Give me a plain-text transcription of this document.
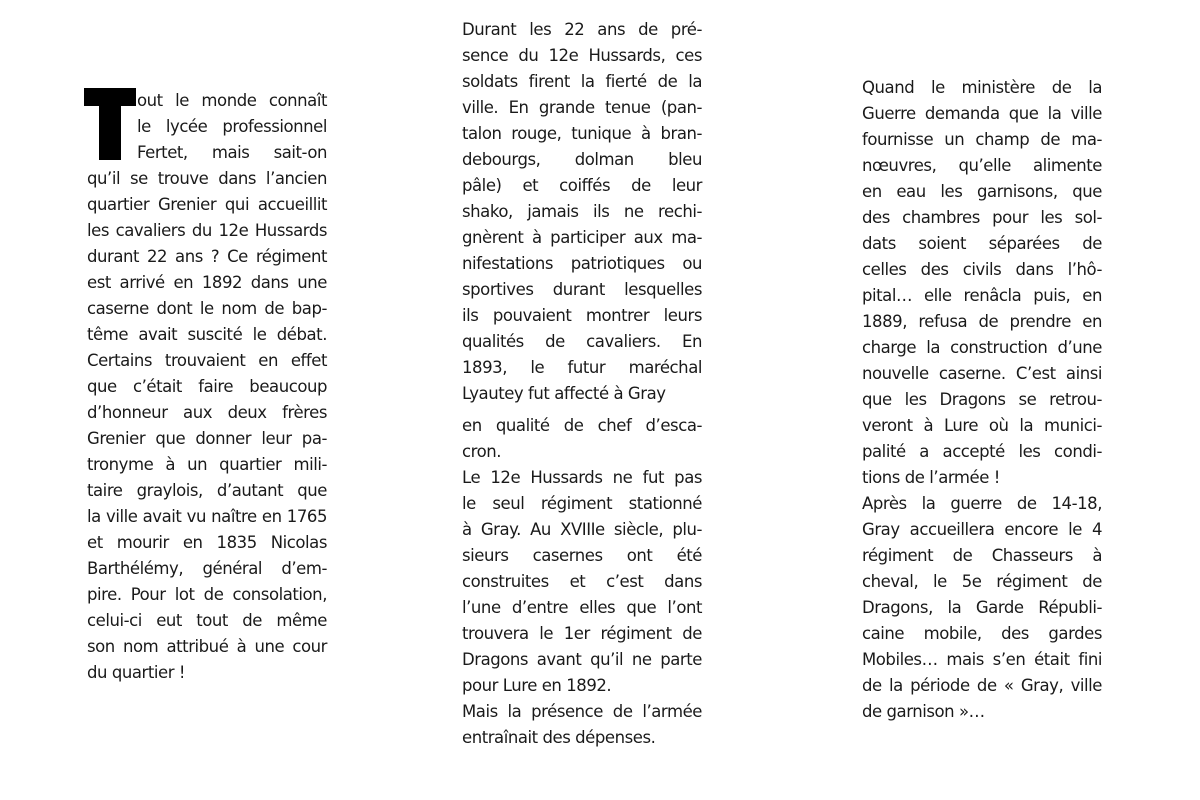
out le monde connaît
le lycée professionnel
Fertet, mais sait-on
qu’il se trouve dans l’ancien
quartier Grenier qui accueillit
les cavaliers du 12e Hussards
durant 22 ans ? Ce régiment
est arrivé en 1892 dans une
caserne dont le nom de bap-
tême avait suscité le débat.
Certains trouvaient en effet
que c’était faire beaucoup
d’honneur aux deux frères
Grenier que donner leur pa-
tronyme à un quartier mili-
taire graylois, d’autant que
la ville avait vu naître en 1765
et mourir en 1835 Nicolas
Barthélémy, général d’em-
pire. Pour lot de consolation,
celui-ci eut tout de même
son nom attribué à une cour
du quartier !
Durant les 22 ans de pré-
sence du 12e Hussards, ces
soldats firent la fierté de la
ville. En grande tenue (pan-
talon rouge, tunique à bran-
debourgs, dolman bleu
pâle) et coiffés de leur
shako, jamais ils ne rechi-
gnèrent à participer aux ma-
nifestations patriotiques ou
sportives durant lesquelles
ils pouvaient montrer leurs
qualités de cavaliers. En
1893, le futur maréchal
Lyautey fut affecté à Gray
en qualité de chef d’esca-
cron.
Le 12e Hussards ne fut pas
le seul régiment stationné
à Gray. Au XVIIIe siècle, plu-
sieurs casernes ont été
construites et c’est dans
l’une d’entre elles que l’ont
trouvera le 1er régiment de
Dragons avant qu’il ne parte
pour Lure en 1892.
Mais la présence de l’armée
entraînait des dépenses.
Quand le ministère de la
Guerre demanda que la ville
fournisse un champ de ma-
nœuvres, qu’elle alimente
en eau les garnisons, que
des chambres pour les sol-
dats soient séparées de
celles des civils dans l’hô-
pital… elle renâcla puis, en
1889, refusa de prendre en
charge la construction d’une
nouvelle caserne. C’est ainsi
que les Dragons se retrou-
veront à Lure où la munici-
palité a accepté les condi-
tions de l’armée !
Après la guerre de 14-18,
Gray accueillera encore le 4
régiment de Chasseurs à
cheval, le 5e régiment de
Dragons, la Garde Républi-
caine mobile, des gardes
Mobiles… mais s’en était fini
de la période de « Gray, ville
de garnison »…
